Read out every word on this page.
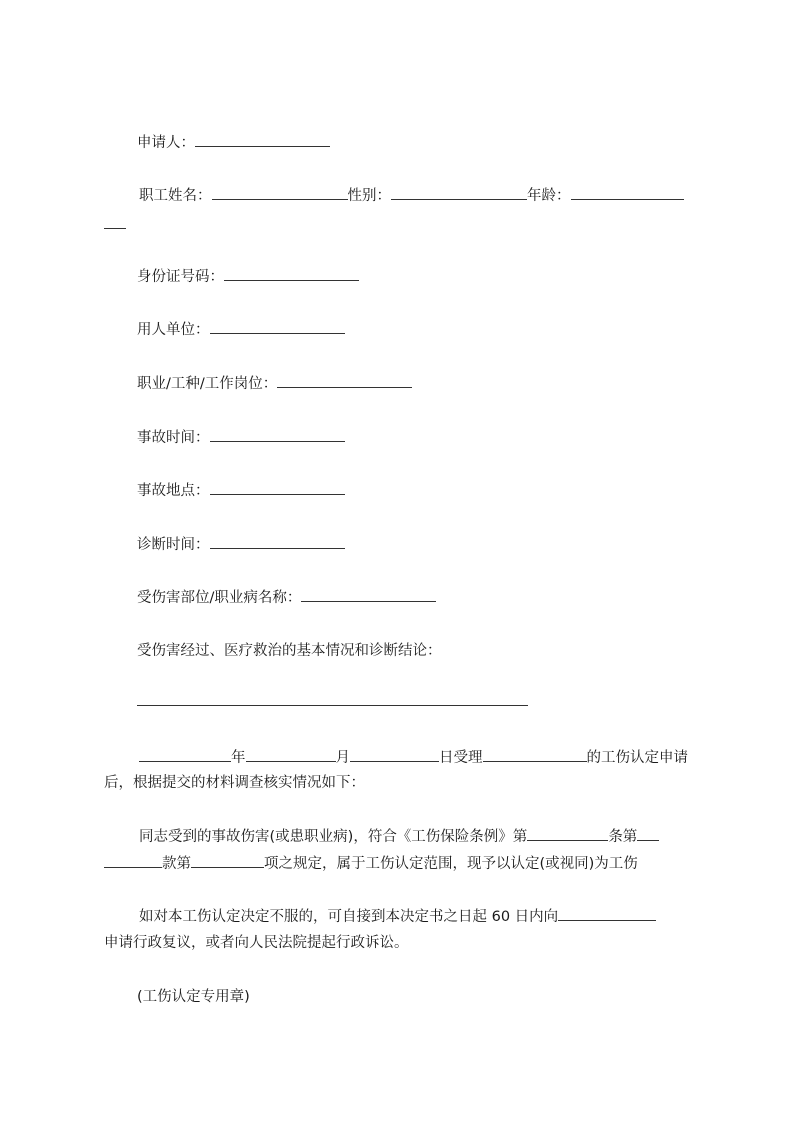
申请人：
职工姓名：	性别：	年龄：
身份证号码：
用人单位：
职业/工种/工作岗位：
事故时间：
事故地点：
诊断时间：
受伤害部位/职业病名称：
受伤害经过、医疗救治的基本情况和诊断结论：
年	月	日受理	的工伤认定申请
后，根据提交的材料调查核实情况如下：
同志受到的事故伤害(或患职业病)，符合《工伤保险条例》第	条第
款第	项之规定，属于工伤认定范围，现予以认定(或视同)为工伤
如对本工伤认定决定不服的，可自接到本决定书之日起 60 日内向
申请行政复议，或者向人民法院提起行政诉讼。
(工伤认定专用章)
